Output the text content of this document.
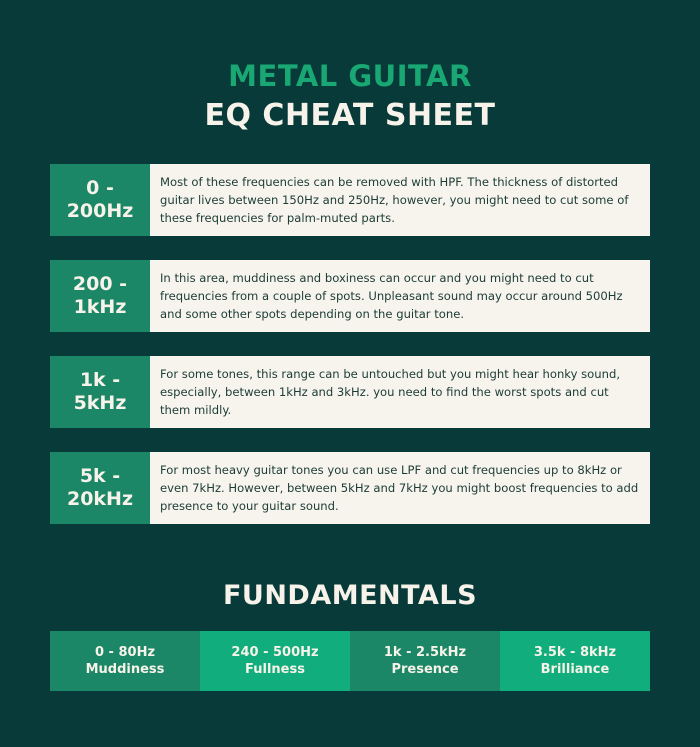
METAL GUITAR
EQ CHEAT SHEET
0 -
200Hz
Most of these frequencies can be removed with HPF. The thickness of distorted guitar lives between 150Hz and 250Hz, however, you might need to cut some of these frequencies for palm-muted parts.
200 -
1kHz
In this area, muddiness and boxiness can occur and you might need to cut frequencies from a couple of spots. Unpleasant sound may occur around 500Hz and some other spots depending on the guitar tone.
1k -
5kHz
For some tones, this range can be untouched but you might hear honky sound, especially, between 1kHz and 3kHz. you need to find the worst spots and cut them mildly.
5k -
20kHz
For most heavy guitar tones you can use LPF and cut frequencies up to 8kHz or even 7kHz. However, between 5kHz and 7kHz you might boost frequencies to add presence to your guitar sound.
FUNDAMENTALS
0 - 80Hz
Muddiness
240 - 500Hz
Fullness
1k - 2.5kHz
Presence
3.5k - 8kHz
Brilliance
